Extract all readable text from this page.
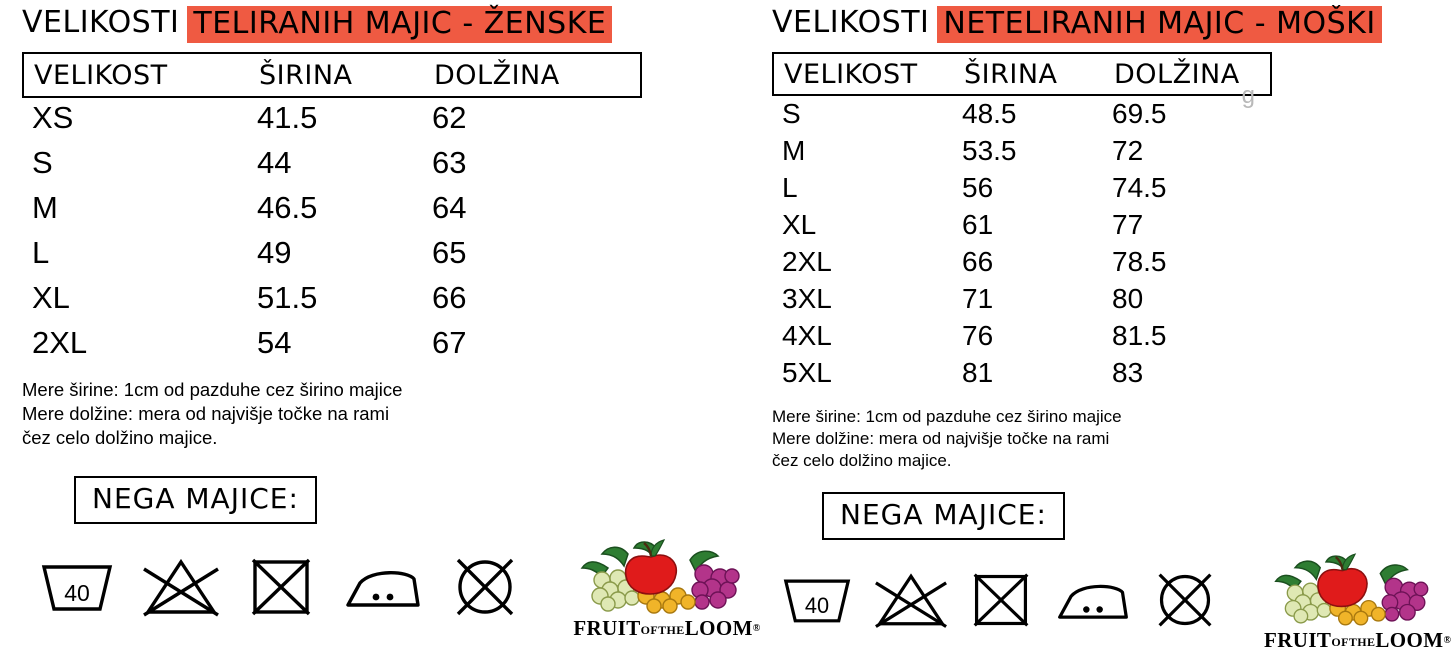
VELIKOSTI TELIRANIH MAJIC - ŽENSKE
VELIKOST	ŠIRINA	DOLŽINA
XS	41.5	62
S	44	63
M	46.5	64
L	49	65
XL	51.5	66
2XL	54	67
Mere širine: 1cm od pazduhe cez širino majice
Mere dolžine: mera od najvišje točke na rami
čez celo dolžino majice.
NEGA MAJICE:
40
FRUITOFTHELOOM®
VELIKOSTI NETELIRANIH MAJIC - MOŠKI
g
VELIKOST	ŠIRINA	DOLŽINA
S	48.5	69.5
M	53.5	72
L	56	74.5
XL	61	77
2XL	66	78.5
3XL	71	80
4XL	76	81.5
5XL	81	83
Mere širine: 1cm od pazduhe cez širino majice
Mere dolžine: mera od najvišje točke na rami
čez celo dolžino majice.
NEGA MAJICE:
40
FRUITOFTHELOOM®
